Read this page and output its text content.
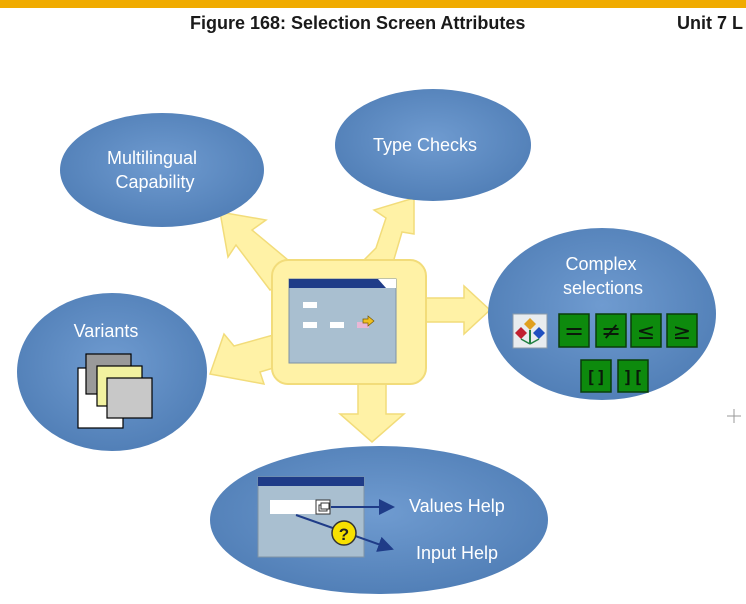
Figure 168: Selection Screen Attributes	Unit 7 L
Multilingual
Capability
Type Checks
Complex
selections
= ≠ ≤ ≥
[] ][
Variants
?
Values Help
Input Help
